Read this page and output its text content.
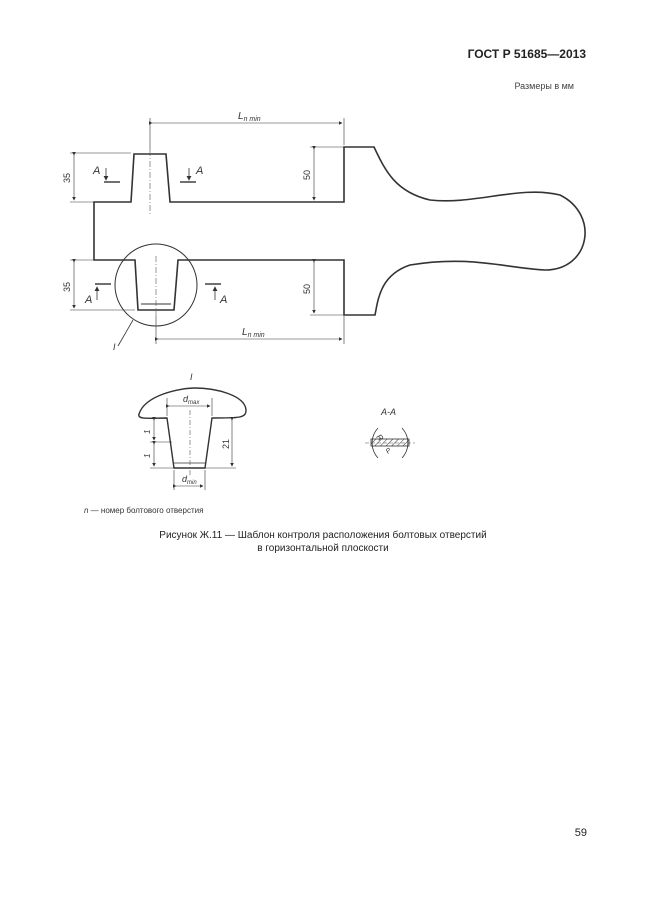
ГОСТ Р 51685—2013
Размеры в мм
I
$L_{n min}$
$L_{n min}$
35
35
50
50
A	A
A	A
I
$d_{max}$
$d_{min}$
1
1
21
A-A
R
P
n — номер болтового отверстия
Рисунок Ж.11 — Шаблон контроля расположения болтовых отверстий
в горизонтальной плоскости
59
